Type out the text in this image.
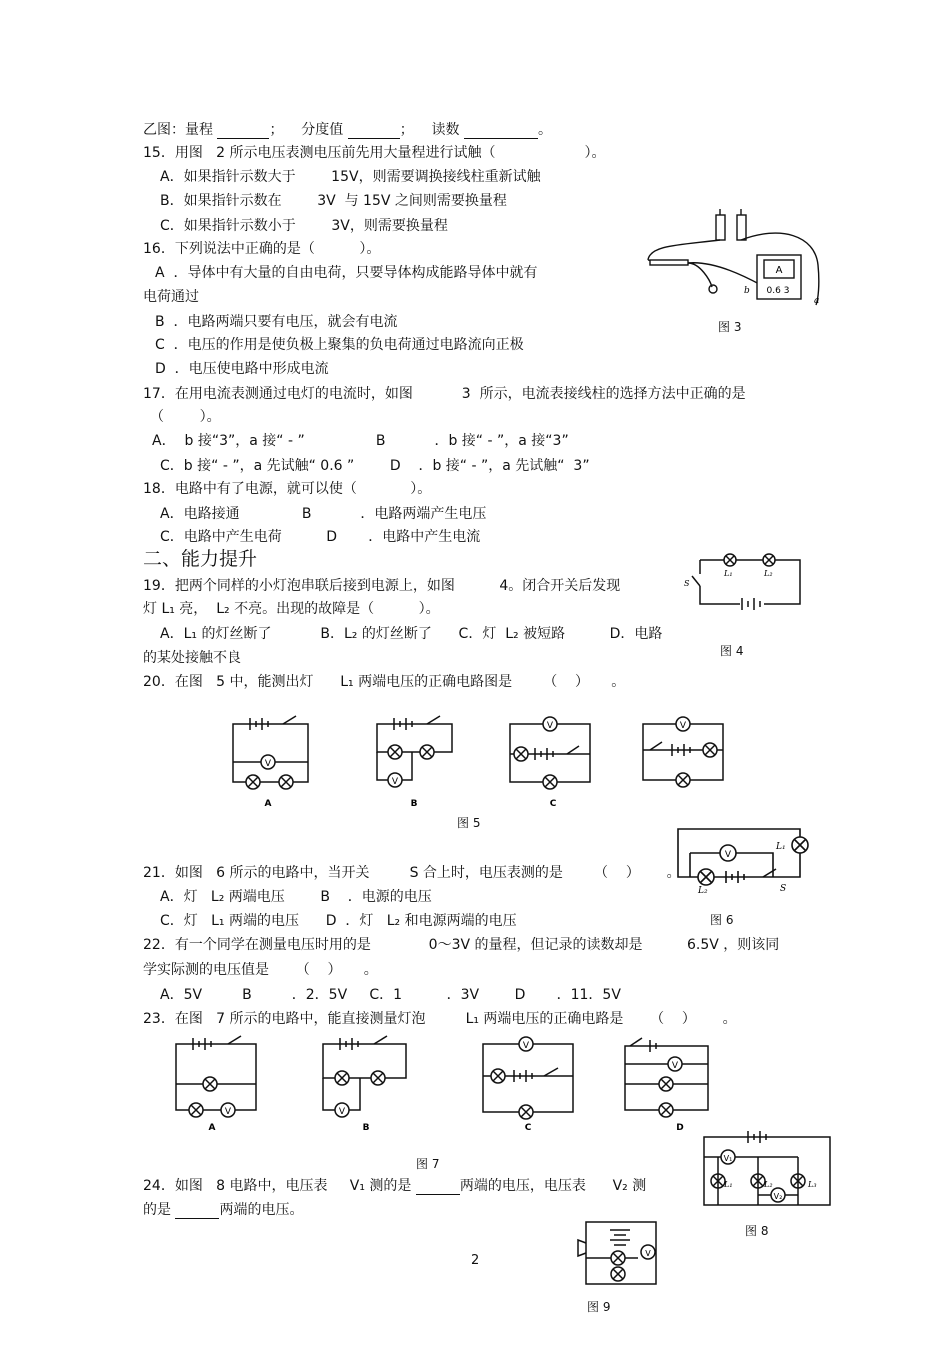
乙图：量程	；    分度值	；    读数	。
15．用图   2 所示电压表测电压前先用大量程进行试触（                    ）。
A．如果指针示数大于        15V，则需要调换接线柱重新试触
B．如果指针示数在        3V  与 15V 之间则需要换量程
C．如果指针示数小于        3V，则需要换量程
16．下列说法中正确的是（          ）。
A  ．导体中有大量的自由电荷，只要导体构成能路导体中就有
电荷通过
B  ．电路两端只要有电压，就会有电流
C  ．电压的作用是使负极上聚集的负电荷通过电路流向正极
D  ．电压使电路中形成电流
17．在用电流表测通过电灯的电流时，如图           3  所示，电流表接线柱的选择方法中正确的是
（        ）。
A．  b 接“3”，a 接“ - ”                B           ．b 接“ - ”，a 接“3”
C．b 接“ - ”，a 先试触“ 0.6 ”        D    ．b 接“ - ”，a 先试触“  3”
18．电路中有了电源，就可以使（            ）。
A．电路接通              B           ．电路两端产生电压
C．电路中产生电荷          D       ．电路中产生电流
二、能力提升
19．把两个同样的小灯泡串联后接到电源上，如图          4。闭合开关后发现
灯 L₁ 亮，  L₂ 不亮。出现的故障是（          ）。
A．L₁ 的灯丝断了           B．L₂ 的灯丝断了      C．灯  L₂ 被短路          D．电路
的某处接触不良
20．在图   5 中，能测出灯      L₁ 两端电压的正确电路图是       （    ）     。
21．如图   6 所示的电路中，当开关         S 合上时，电压表测的是       （    ）      。
A．灯   L₂ 两端电压        B    ．电源的电压
C．灯   L₁ 两端的电压      D  ．灯   L₂ 和电源两端的电压
22．有一个同学在测量电压时用的是             0～3V 的量程，但记录的读数却是          6.5V ，则该同
学实际测的电压值是      （    ）     。
A．5V         B         ．2．5V     C．1          ．3V        D       ．11．5V
23．在图   7 所示的电路中，能直接测量灯泡         L₁ 两端电压的正确电路是      （    ）      。
24．如图   8 电路中，电压表     V₁ 测的是	两端的电压，电压表      V₂ 测
的是	两端的电压。
A
0.6 3
b
a
图 3
L₁	L₂
S
图 4
V
A
V
B
V
C
V
图 5
V
L₁
L₂	S
图 6
V
A
V
B
V
C
V
D
图 7	V₁
V₂
L₁	L₂	L₃
图 8
V
图 9
2
